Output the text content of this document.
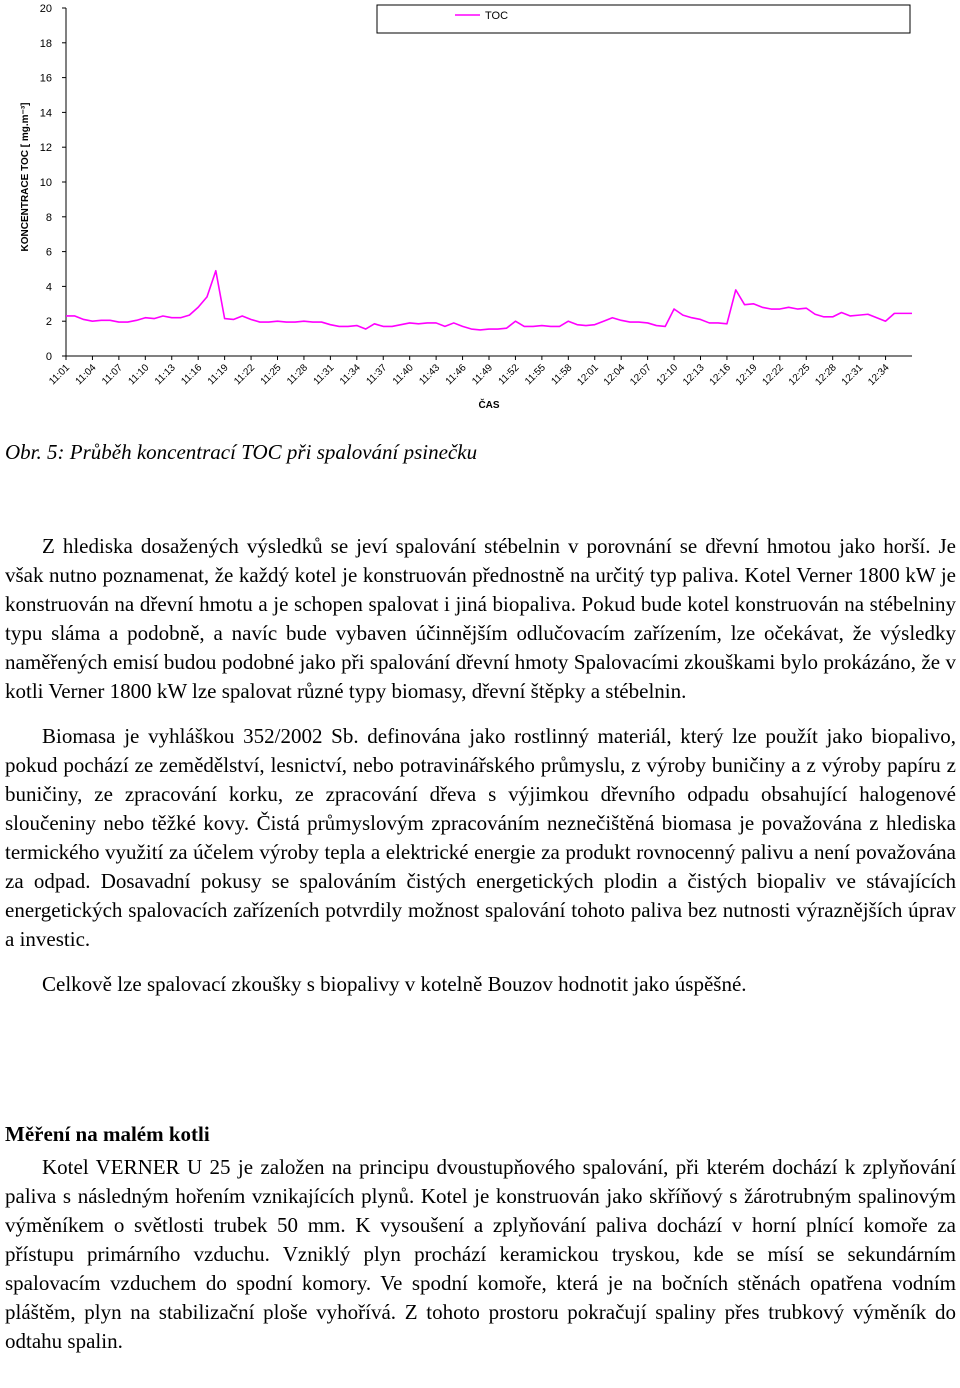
0
2
4
6
8
10
12
14
16
18
20
11:01 11:04 11:07 11:10 11:13 11:16 11:19 11:22 11:25 11:28 11:31 11:34 11:37 11:40 11:43 11:46 11:49 11:52 11:55 11:58 12:01 12:04 12:07 12:10 12:13 12:16 12:19 12:22 12:25 12:28 12:31 12:34
KONCENTRACE TOC [ mg.m⁻³]
ČAS
TOC
Obr. 5: Průběh koncentrací TOC při spalování psinečku

Z hlediska dosažených výsledků se jeví spalování stébelnin v porovnání se dřevní hmotou jako horší. Je však nutno poznamenat, že každý kotel je konstruován přednostně na určitý typ paliva. Kotel Verner 1800 kW je konstruován na dřevní hmotu a je schopen spalovat i jiná biopaliva. Pokud bude kotel konstruován na stébelniny typu sláma a podobně, a navíc bude vybaven účinnějším odlučovacím zařízením, lze očekávat, že výsledky naměřených emisí budou podobné jako při spalování dřevní hmoty Spalovacími zkouškami bylo prokázáno, že v kotli Verner 1800 kW lze spalovat různé typy biomasy, dřevní štěpky a stébelnin.

Biomasa je vyhláškou 352/2002 Sb. definována jako rostlinný materiál, který lze použít jako biopalivo, pokud pochází ze zemědělství, lesnictví, nebo potravinářského průmyslu, z výroby buničiny a z výroby papíru z buničiny, ze zpracování korku, ze zpracování dřeva s výjimkou dřevního odpadu obsahující halogenové sloučeniny nebo těžké kovy. Čistá průmyslovým zpracováním neznečištěná biomasa je považována z hlediska termického využití za účelem výroby tepla a elektrické energie za produkt rovnocenný palivu a není považována za odpad. Dosavadní pokusy se spalováním čistých energetických plodin a čistých biopaliv ve stávajících energetických spalovacích zařízeních potvrdily možnost spalování tohoto paliva bez nutnosti výraznějších úprav a investic.

Celkově lze spalovací zkoušky s biopalivy v kotelně Bouzov hodnotit jako úspěšné.

Měření na malém kotli

Kotel VERNER U 25 je založen na principu dvoustupňového spalování, při kterém dochází k zplyňování paliva s následným hořením vznikajících plynů. Kotel je konstruován jako skříňový s žárotrubným spalinovým výměníkem o světlosti trubek 50 mm. K vysoušení a zplyňování paliva dochází v horní plnící komoře za přístupu primárního vzduchu. Vzniklý plyn prochází keramickou tryskou, kde se mísí se sekundárním spalovacím vzduchem do spodní komory. Ve spodní komoře, která je na bočních stěnách opatřena vodním pláštěm, plyn na stabilizační ploše vyhořívá. Z tohoto prostoru pokračují spaliny přes trubkový výměník do odtahu spalin.
